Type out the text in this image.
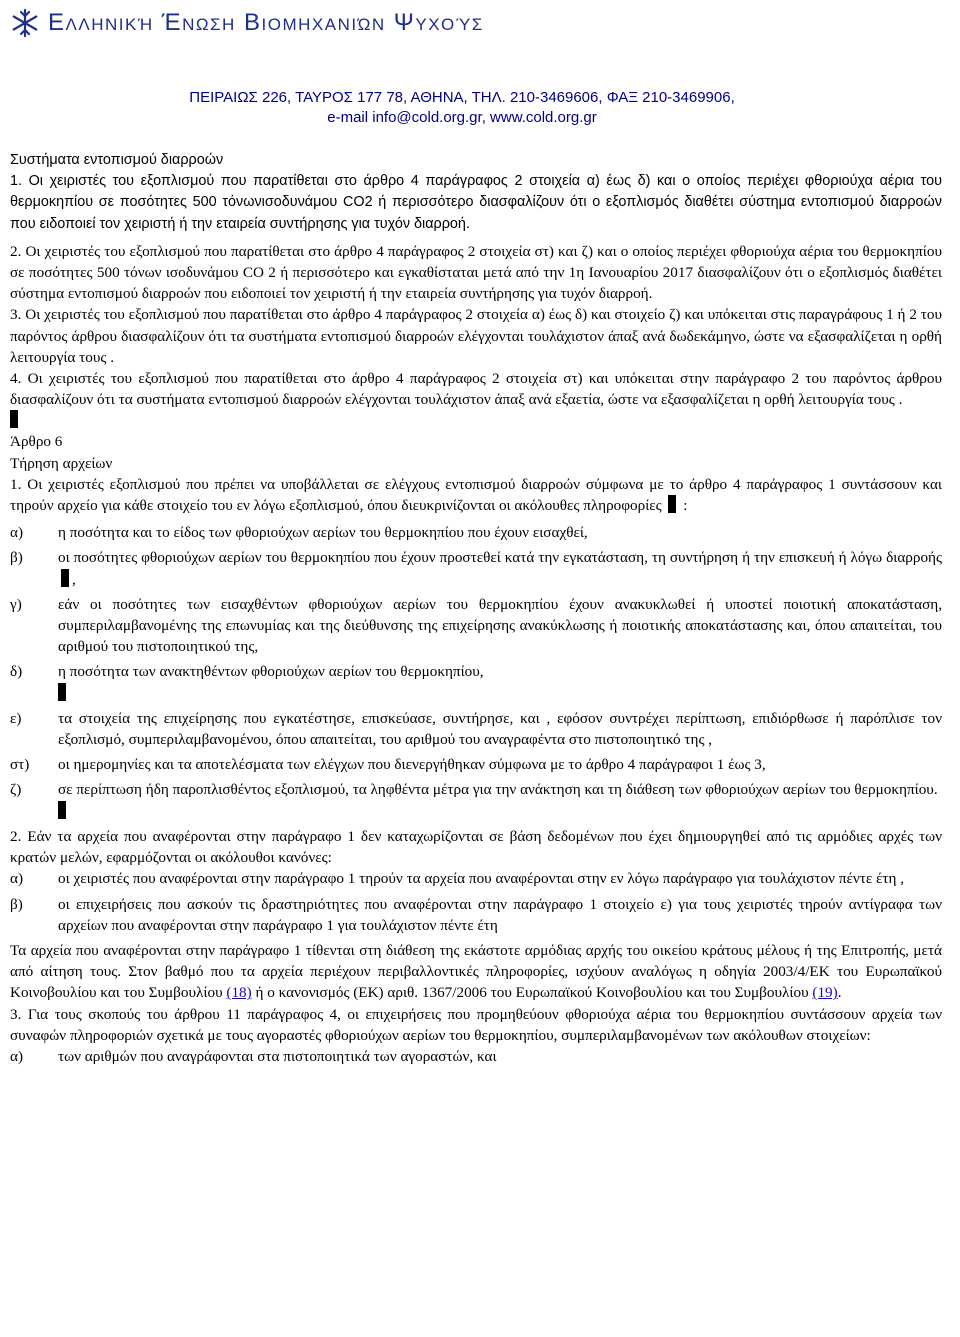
Ελληνική Ένωση Βιομηχανιών Ψυχούς
ΠΕΙΡΑΙΩΣ 226, ΤΑΥΡΟΣ 177 78, ΑΘΗΝΑ, ΤΗΛ. 210-3469606, ΦΑΞ 210-3469906,
e-mail info@cold.org.gr, www.cold.org.gr

Συστήματα εντοπισμού διαρροών

1. Οι χειριστές του εξοπλισμού που παρατίθεται στο άρθρο 4 παράγραφος 2 στοιχεία α) έως δ) και ο οποίος περιέχει φθοριούχα αέρια του θερμοκηπίου σε ποσότητες 500 τόνωνισοδυνάμου CO2 ή περισσότερο διασφαλίζουν ότι ο εξοπλισμός διαθέτει σύστημα εντοπισμού διαρροών που ειδοποιεί τον χειριστή ή την εταιρεία συντήρησης για τυχόν διαρροή.

2. Οι χειριστές του εξοπλισμού που παρατίθεται στο άρθρο 4 παράγραφος 2 στοιχεία στ) και ζ) και ο οποίος περιέχει φθοριούχα αέρια του θερμοκηπίου σε ποσότητες 500 τόνων ισοδυνάμου CO 2 ή περισσότερο και εγκαθίσταται μετά από την 1η Ιανουαρίου 2017 διασφαλίζουν ότι ο εξοπλισμός διαθέτει σύστημα εντοπισμού διαρροών που ειδοποιεί τον χειριστή ή την εταιρεία συντήρησης για τυχόν διαρροή.

3. Οι χειριστές του εξοπλισμού που παρατίθεται στο άρθρο 4 παράγραφος 2 στοιχεία α) έως δ) και στοιχείο ζ) και υπόκειται στις παραγράφους 1 ή 2 του παρόντος άρθρου διασφαλίζουν ότι τα συστήματα εντοπισμού διαρροών ελέγχονται τουλάχιστον άπαξ ανά δωδεκάμηνο, ώστε να εξασφαλίζεται η ορθή λειτουργία τους .

4. Οι χειριστές του εξοπλισμού που παρατίθεται στο άρθρο 4 παράγραφος 2 στοιχεία στ) και υπόκειται στην παράγραφο 2 του παρόντος άρθρου διασφαλίζουν ότι τα συστήματα εντοπισμού διαρροών ελέγχονται τουλάχιστον άπαξ ανά εξαετία, ώστε να εξασφαλίζεται η ορθή λειτουργία τους .

Άρθρο 6

Τήρηση αρχείων

1. Οι χειριστές εξοπλισμού που πρέπει να υποβάλλεται σε ελέγχους εντοπισμού διαρροών σύμφωνα με το άρθρο 4 παράγραφος 1 συντάσσουν και τηρούν αρχείο για κάθε στοιχείο του εν λόγω εξοπλισμού, όπου διευκρινίζονται οι ακόλουθες πληροφορίες :

α)	η ποσότητα και το είδος των φθοριούχων αερίων του θερμοκηπίου που έχουν εισαχθεί,
β)	οι ποσότητες φθοριούχων αερίων του θερμοκηπίου που έχουν προστεθεί κατά την εγκατάσταση, τη συντήρηση ή την επισκευή ή λόγω διαρροής ,
γ)	εάν οι ποσότητες των εισαχθέντων φθοριούχων αερίων του θερμοκηπίου έχουν ανακυκλωθεί ή υποστεί ποιοτική αποκατάσταση, συμπεριλαμβανομένης της επωνυμίας και της διεύθυνσης της επιχείρησης ανακύκλωσης ή ποιοτικής αποκατάστασης και, όπου απαιτείται, του αριθμού του πιστοποιητικού της,
δ)	η ποσότητα των ανακτηθέντων φθοριούχων αερίων του θερμοκηπίου,

ε)	τα στοιχεία της επιχείρησης που εγκατέστησε, επισκεύασε, συντήρησε, και , εφόσον συντρέχει περίπτωση, επιδιόρθωσε ή παρόπλισε τον εξοπλισμό, συμπεριλαμβανομένου, όπου απαιτείται, του αριθμού του αναγραφέντα στο πιστοποιητικό της ,
στ)	οι ημερομηνίες και τα αποτελέσματα των ελέγχων που διενεργήθηκαν σύμφωνα με το άρθρο 4 παράγραφοι 1 έως 3,
ζ)	σε περίπτωση ήδη παροπλισθέντος εξοπλισμού, τα ληφθέντα μέτρα για την ανάκτηση και τη διάθεση των φθοριούχων αερίων του θερμοκηπίου.

2. Εάν τα αρχεία που αναφέρονται στην παράγραφο 1 δεν καταχωρίζονται σε βάση δεδομένων που έχει δημιουργηθεί από τις αρμόδιες αρχές των κρατών μελών, εφαρμόζονται οι ακόλουθοι κανόνες:

α)	οι χειριστές που αναφέρονται στην παράγραφο 1 τηρούν τα αρχεία που αναφέρονται στην εν λόγω παράγραφο για τουλάχιστον πέντε έτη ,
β)	οι επιχειρήσεις που ασκούν τις δραστηριότητες που αναφέρονται στην παράγραφο 1 στοιχείο ε) για τους χειριστές τηρούν αντίγραφα των αρχείων που αναφέρονται στην παράγραφο 1 για τουλάχιστον πέντε έτη

Τα αρχεία που αναφέρονται στην παράγραφο 1 τίθενται στη διάθεση της εκάστοτε αρμόδιας αρχής του οικείου κράτους μέλους ή της Επιτροπής, μετά από αίτηση τους. Στον βαθμό που τα αρχεία περιέχουν περιβαλλοντικές πληροφορίες, ισχύουν αναλόγως η οδηγία 2003/4/ΕΚ του Ευρωπαϊκού Κοινοβουλίου και του Συμβουλίου (18) ή ο κανονισμός (ΕΚ) αριθ. 1367/2006 του Ευρωπαϊκού Κοινοβουλίου και του Συμβουλίου (19).

3. Για τους σκοπούς του άρθρου 11 παράγραφος 4, οι επιχειρήσεις που προμηθεύουν φθοριούχα αέρια του θερμοκηπίου συντάσσουν αρχεία των συναφών πληροφοριών σχετικά με τους αγοραστές φθοριούχων αερίων του θερμοκηπίου, συμπεριλαμβανομένων των ακόλουθων στοιχείων:

α)	των αριθμών που αναγράφονται στα πιστοποιητικά των αγοραστών, και
